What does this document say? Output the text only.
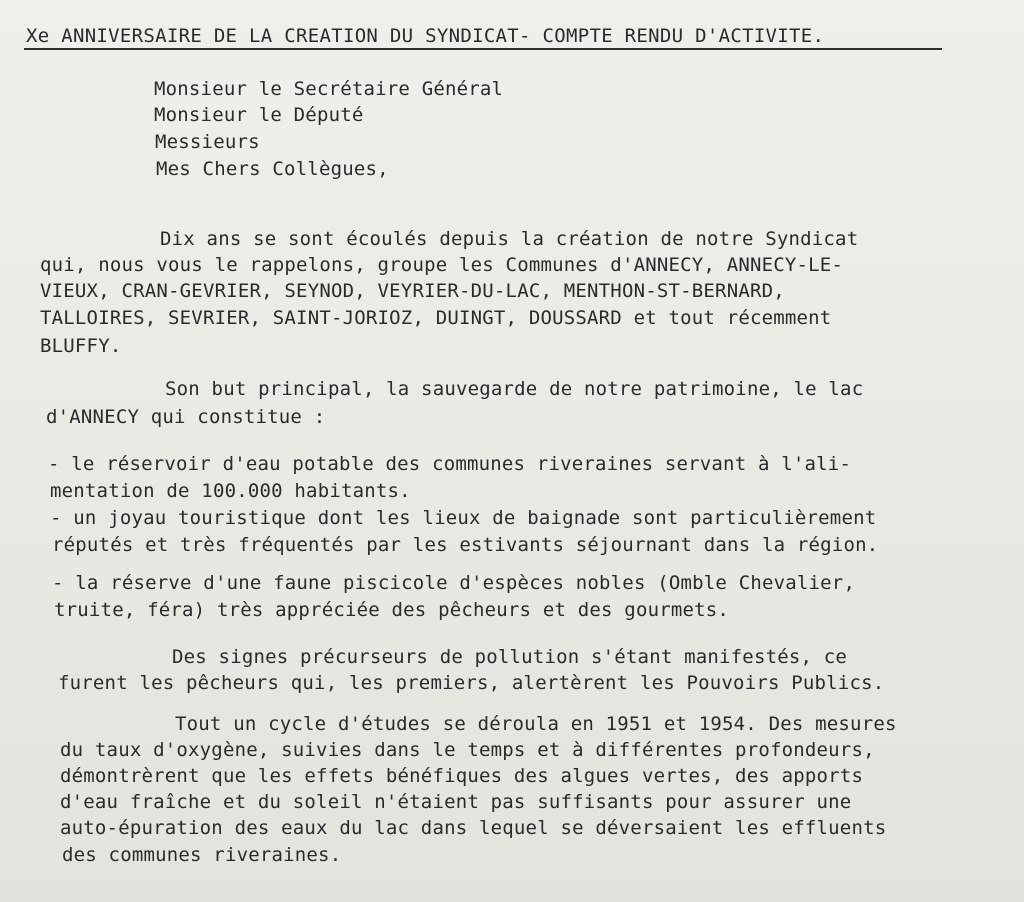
Xe ANNIVERSAIRE DE LA CREATION DU SYNDICAT- COMPTE RENDU D'ACTIVITE.
Monsieur le Secrétaire Général
Monsieur le Député
Messieurs
Mes Chers Collègues,
Dix ans se sont écoulés depuis la création de notre Syndicat
qui, nous vous le rappelons, groupe les Communes d'ANNECY, ANNECY-LE-
VIEUX, CRAN-GEVRIER, SEYNOD, VEYRIER-DU-LAC, MENTHON-ST-BERNARD,
TALLOIRES, SEVRIER, SAINT-JORIOZ, DUINGT, DOUSSARD et tout récemment
BLUFFY.
Son but principal, la sauvegarde de notre patrimoine, le lac
d'ANNECY qui constitue :
- le réservoir d'eau potable des communes riveraines servant à l'ali-
mentation de 100.000 habitants.
- un joyau touristique dont les lieux de baignade sont particulièrement
réputés et très fréquentés par les estivants séjournant dans la région.
- la réserve d'une faune piscicole d'espèces nobles (Omble Chevalier,
truite, féra) très appréciée des pêcheurs et des gourmets.
Des signes précurseurs de pollution s'étant manifestés, ce
furent les pêcheurs qui, les premiers, alertèrent les Pouvoirs Publics.
Tout un cycle d'études se déroula en 1951 et 1954. Des mesures
du taux d'oxygène, suivies dans le temps et à différentes profondeurs,
démontrèrent que les effets bénéfiques des algues vertes, des apports
d'eau fraîche et du soleil n'étaient pas suffisants pour assurer une
auto-épuration des eaux du lac dans lequel se déversaient les effluents
des communes riveraines.
